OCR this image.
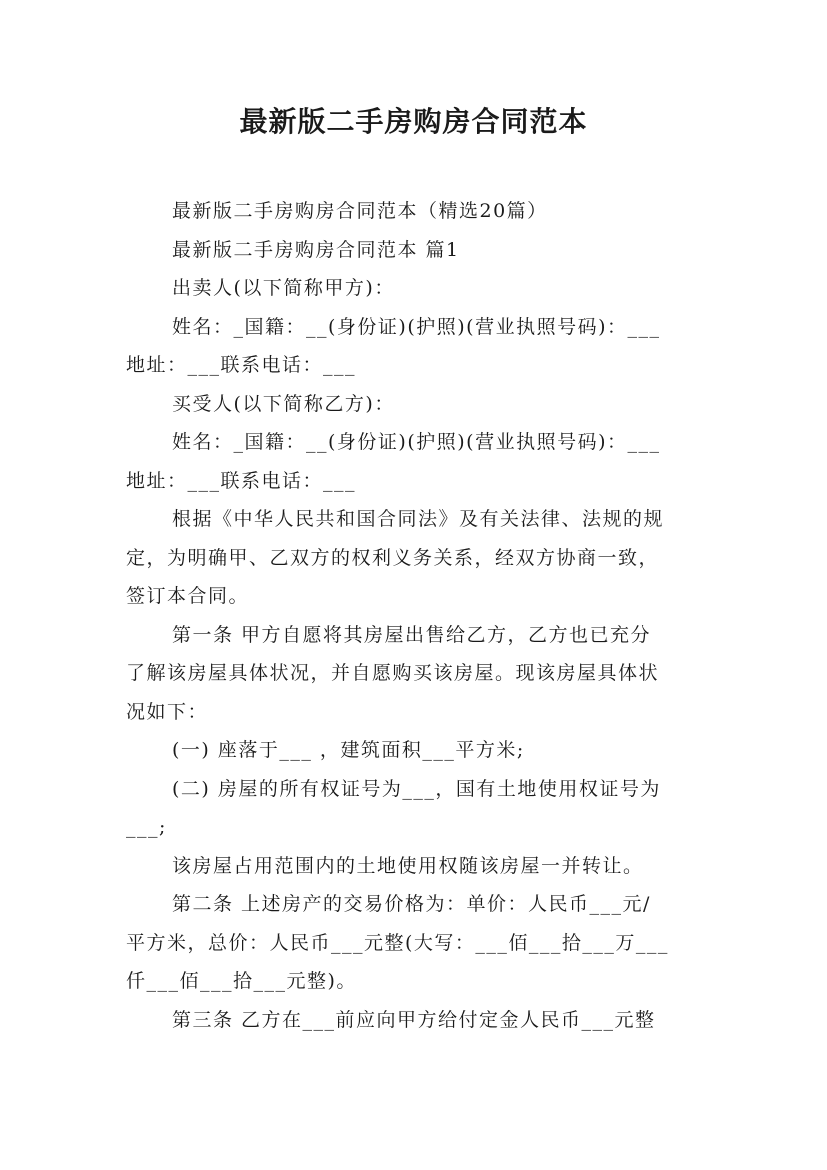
最新版二手房购房合同范本

最新版二手房购房合同范本（精选20篇）

最新版二手房购房合同范本 篇1

出卖人(以下简称甲方)：

姓名：_国籍：__(身份证)(护照)(营业执照号码)：___

地址：___联系电话：___

买受人(以下简称乙方)：

姓名：_国籍：__(身份证)(护照)(营业执照号码)：___

地址：___联系电话：___

根据《中华人民共和国合同法》及有关法律、法规的规

定，为明确甲、乙双方的权利义务关系，经双方协商一致，

签订本合同。

第一条 甲方自愿将其房屋出售给乙方，乙方也已充分

了解该房屋具体状况，并自愿购买该房屋。现该房屋具体状

况如下：

(一) 座落于___ ，建筑面积___平方米;

(二) 房屋的所有权证号为___，国有土地使用权证号为

___;

该房屋占用范围内的土地使用权随该房屋一并转让。

第二条 上述房产的交易价格为：单价：人民币___元/

平方米，总价：人民币___元整(大写：___佰___拾___万___

仟___佰___拾___元整)。

第三条 乙方在___前应向甲方给付定金人民币___元整
